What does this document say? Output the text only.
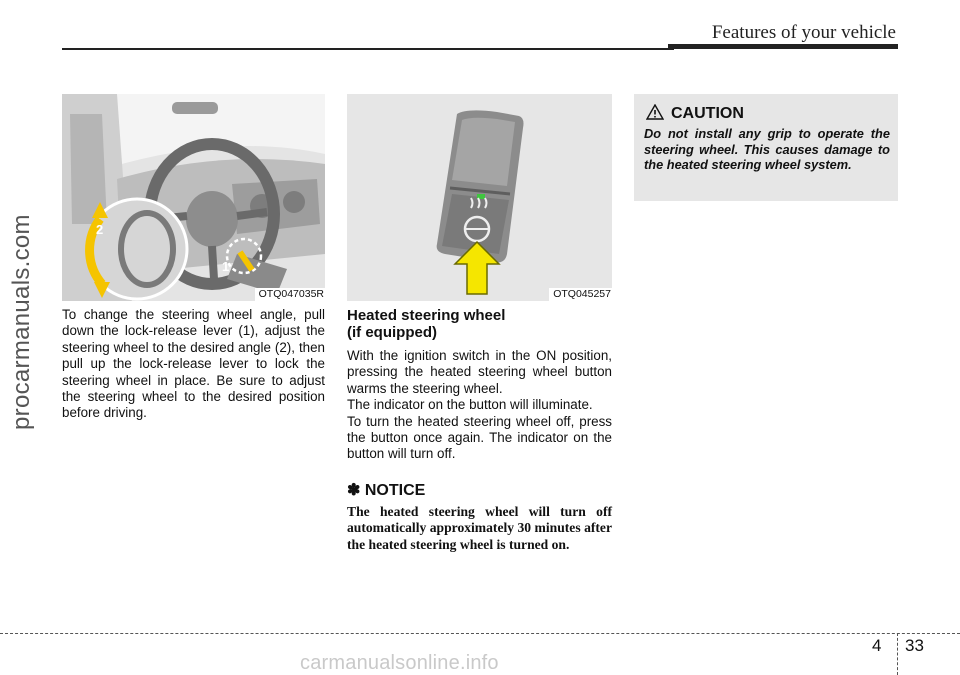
Features of your vehicle
procarmanuals.com	2
1
OTQ047035R	OTQ045257

To change the steering wheel angle, pull down the lock-release lever (1), adjust the steering wheel to the desired angle (2), then pull up the lock-release lever to lock the steering wheel in place. Be sure to adjust the steering wheel to the desired position before driving.

Heated steering wheel
(if equipped)

With the ignition switch in the ON position, pressing the heated steering wheel button warms the steering wheel.

The indicator on the button will illuminate.

To turn the heated steering wheel off, press the button once again. The indicator on the button will turn off.

✽ NOTICE
The heated steering wheel will turn off automatically approximately 30 minutes after the heated steering wheel is turned on.
CAUTION
Do not install any grip to operate the steering wheel. This causes damage to the heated steering wheel system.
4 33
carmanualsonline.info
